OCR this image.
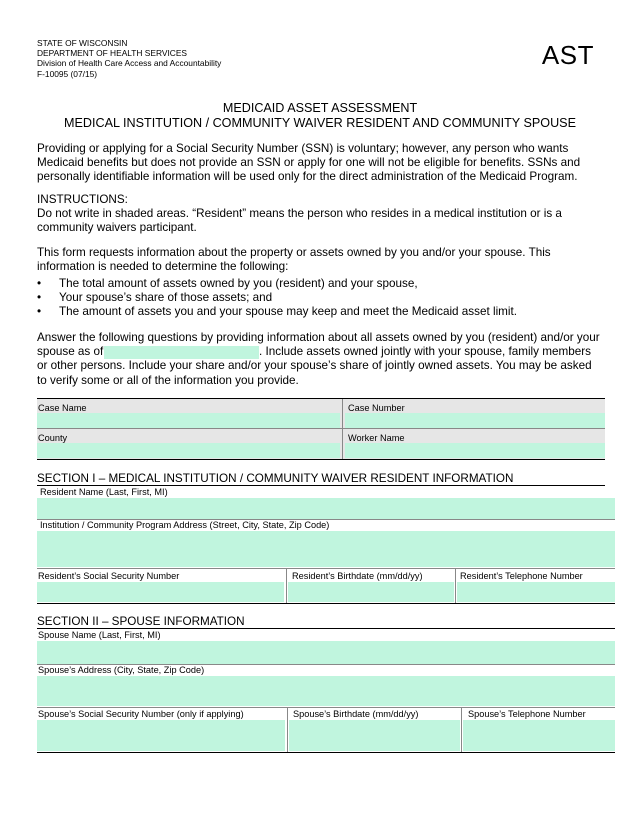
STATE OF WISCONSIN
DEPARTMENT OF HEALTH SERVICES
Division of Health Care Access and Accountability
F-10095 (07/15)
AST
MEDICAID ASSET ASSESSMENT
MEDICAL INSTITUTION / COMMUNITY WAIVER RESIDENT AND COMMUNITY SPOUSE
Providing or applying for a Social Security Number (SSN) is voluntary; however, any person who wants
Medicaid benefits but does not provide an SSN or apply for one will not be eligible for benefits. SSNs and
personally identifiable information will be used only for the direct administration of the Medicaid Program.
INSTRUCTIONS:
Do not write in shaded areas. “Resident” means the person who resides in a medical institution or is a
community waivers participant.
This form requests information about the property or assets owned by you and/or your spouse. This
information is needed to determine the following:
•	The total amount of assets owned by you (resident) and your spouse,
•	Your spouse’s share of those assets; and
•	The amount of assets you and your spouse may keep and meet the Medicaid asset limit.
Answer the following questions by providing information about all assets owned by you (resident) and/or your
spouse as of	. Include assets owned jointly with your spouse, family members
or other persons. Include your share and/or your spouse’s share of jointly owned assets. You may be asked
to verify some or all of the information you provide.
Case Name	Case Number
County	Worker Name
SECTION I – MEDICAL INSTITUTION / COMMUNITY WAIVER RESIDENT INFORMATION
Resident Name (Last, First, MI)
Institution / Community Program Address (Street, City, State, Zip Code)
Resident’s Social Security Number	Resident’s Birthdate (mm/dd/yy)	Resident’s Telephone Number
SECTION II – SPOUSE INFORMATION
Spouse Name (Last, First, MI)
Spouse’s Address (City, State, Zip Code)
Spouse’s Social Security Number (only if applying)	Spouse’s Birthdate (mm/dd/yy)	Spouse’s Telephone Number
